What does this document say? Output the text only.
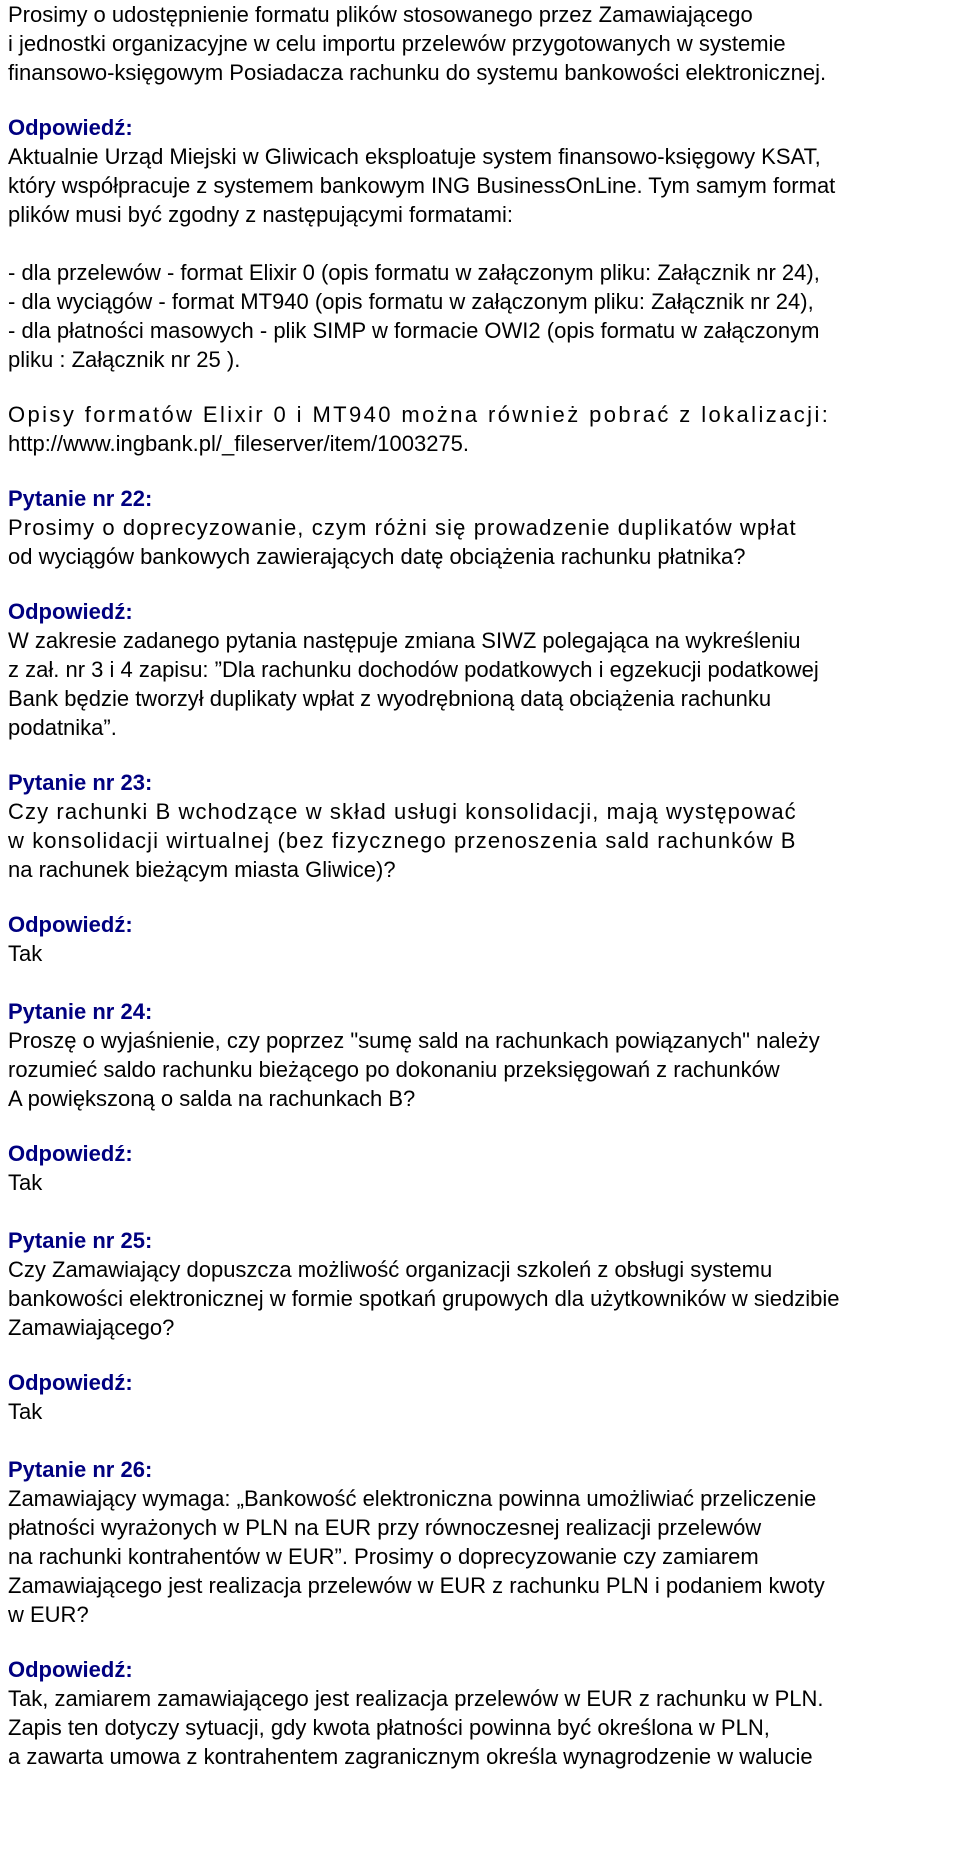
Prosimy o udostępnienie formatu plików stosowanego przez Zamawiającego

i jednostki organizacyjne w celu importu przelewów przygotowanych w systemie

finansowo-księgowym Posiadacza rachunku do systemu bankowości elektronicznej.

Odpowiedź:

Aktualnie Urząd Miejski w Gliwicach eksploatuje system finansowo-księgowy KSAT,

który współpracuje z systemem bankowym ING BusinessOnLine. Tym samym format

plików musi być zgodny z następującymi formatami:

- dla przelewów - format Elixir 0 (opis formatu w załączonym pliku: Załącznik nr 24),

- dla wyciągów - format MT940 (opis formatu w załączonym pliku: Załącznik nr 24),

- dla płatności masowych - plik SIMP w formacie OWI2 (opis formatu w załączonym

pliku : Załącznik nr 25 ).

Opisy formatów Elixir 0 i MT940 można również pobrać z lokalizacji:

http://www.ingbank.pl/_fileserver/item/1003275.

Pytanie nr 22:

Prosimy o doprecyzowanie, czym różni się prowadzenie duplikatów wpłat

od wyciągów bankowych zawierających datę obciążenia rachunku płatnika?

Odpowiedź:

W zakresie zadanego pytania następuje zmiana SIWZ polegająca na wykreśleniu

z zał. nr 3 i 4 zapisu: ”Dla rachunku dochodów podatkowych i egzekucji podatkowej

Bank będzie tworzył duplikaty wpłat z wyodrębnioną datą obciążenia rachunku

podatnika”.

Pytanie nr 23:

Czy rachunki B wchodzące w skład usługi konsolidacji, mają występować

w konsolidacji wirtualnej (bez fizycznego przenoszenia sald rachunków B

na rachunek bieżącym miasta Gliwice)?

Odpowiedź:

Tak

Pytanie nr 24:

Proszę o wyjaśnienie, czy poprzez "sumę sald na rachunkach powiązanych" należy

rozumieć saldo rachunku bieżącego po dokonaniu przeksięgowań z rachunków

A powiększoną o salda na rachunkach B?

Odpowiedź:

Tak

Pytanie nr 25:

Czy Zamawiający dopuszcza możliwość organizacji szkoleń z obsługi systemu

bankowości elektronicznej w formie spotkań grupowych dla użytkowników w siedzibie

Zamawiającego?

Odpowiedź:

Tak

Pytanie nr 26:

Zamawiający wymaga: „Bankowość elektroniczna powinna umożliwiać przeliczenie

płatności wyrażonych w PLN na EUR przy równoczesnej realizacji przelewów

na rachunki kontrahentów w EUR”. Prosimy o doprecyzowanie czy zamiarem

Zamawiającego jest realizacja przelewów w EUR z rachunku PLN i podaniem kwoty

w EUR?

Odpowiedź:

Tak, zamiarem zamawiającego jest realizacja przelewów w EUR z rachunku w PLN.

Zapis ten dotyczy sytuacji, gdy kwota płatności powinna być określona w PLN,

a zawarta umowa z kontrahentem zagranicznym określa wynagrodzenie w walucie
